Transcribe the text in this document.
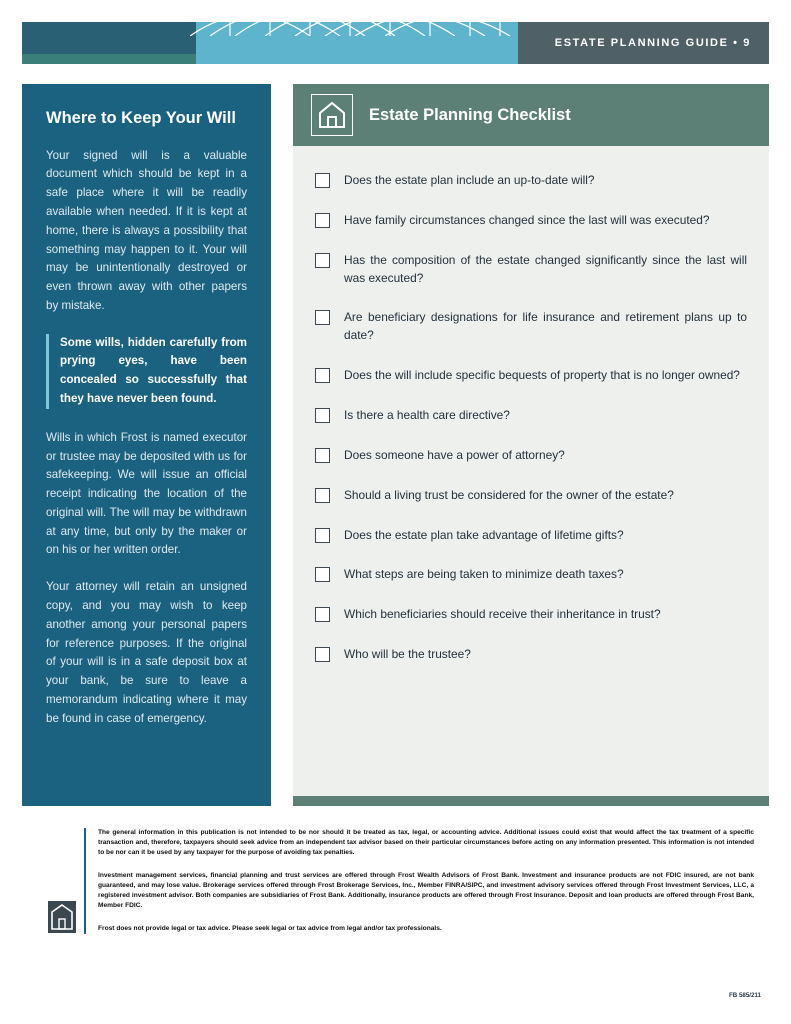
ESTATE PLANNING GUIDE • 9
Where to Keep Your Will

Your signed will is a valuable document which should be kept in a safe place where it will be readily available when needed. If it is kept at home, there is always a possibility that something may happen to it. Your will may be unintentionally destroyed or even thrown away with other papers by mistake.

Some wills, hidden carefully from prying eyes, have been concealed so successfully that they have never been found.

Wills in which Frost is named executor or trustee may be deposited with us for safekeeping. We will issue an official receipt indicating the location of the original will. The will may be withdrawn at any time, but only by the maker or on his or her written order.

Your attorney will retain an unsigned copy, and you may wish to keep another among your personal papers for reference purposes. If the original of your will is in a safe deposit box at your bank, be sure to leave a memorandum indicating where it may be found in case of emergency.

Estate Planning Checklist
Does the estate plan include an up-to-date will?
Have family circumstances changed since the last will was executed?
Has the composition of the estate changed significantly since the last will was executed?
Are beneficiary designations for life insurance and retirement plans up to date?
Does the will include specific bequests of property that is no longer owned?
Is there a health care directive?
Does someone have a power of attorney?
Should a living trust be considered for the owner of the estate?
Does the estate plan take advantage of lifetime gifts?
What steps are being taken to minimize death taxes?
Which beneficiaries should receive their inheritance in trust?
Who will be the trustee?

The general information in this publication is not intended to be nor should it be treated as tax, legal, or accounting advice. Additional issues could exist that would affect the tax treatment of a specific transaction and, therefore, taxpayers should seek advice from an independent tax advisor based on their particular circumstances before acting on any information presented. This information is not intended to be nor can it be used by any taxpayer for the purpose of avoiding tax penalties.

Investment management services, financial planning and trust services are offered through Frost Wealth Advisors of Frost Bank. Investment and insurance products are not FDIC insured, are not bank guaranteed, and may lose value. Brokerage services offered through Frost Brokerage Services, Inc., Member FINRA/SIPC, and investment advisory services offered through Frost Investment Services, LLC, a registered investment advisor. Both companies are subsidiaries of Frost Bank. Additionally, insurance products are offered through Frost Insurance. Deposit and loan products are offered through Frost Bank, Member FDIC.

Frost does not provide legal or tax advice. Please seek legal or tax advice from legal and/or tax professionals.

FB 585/211
